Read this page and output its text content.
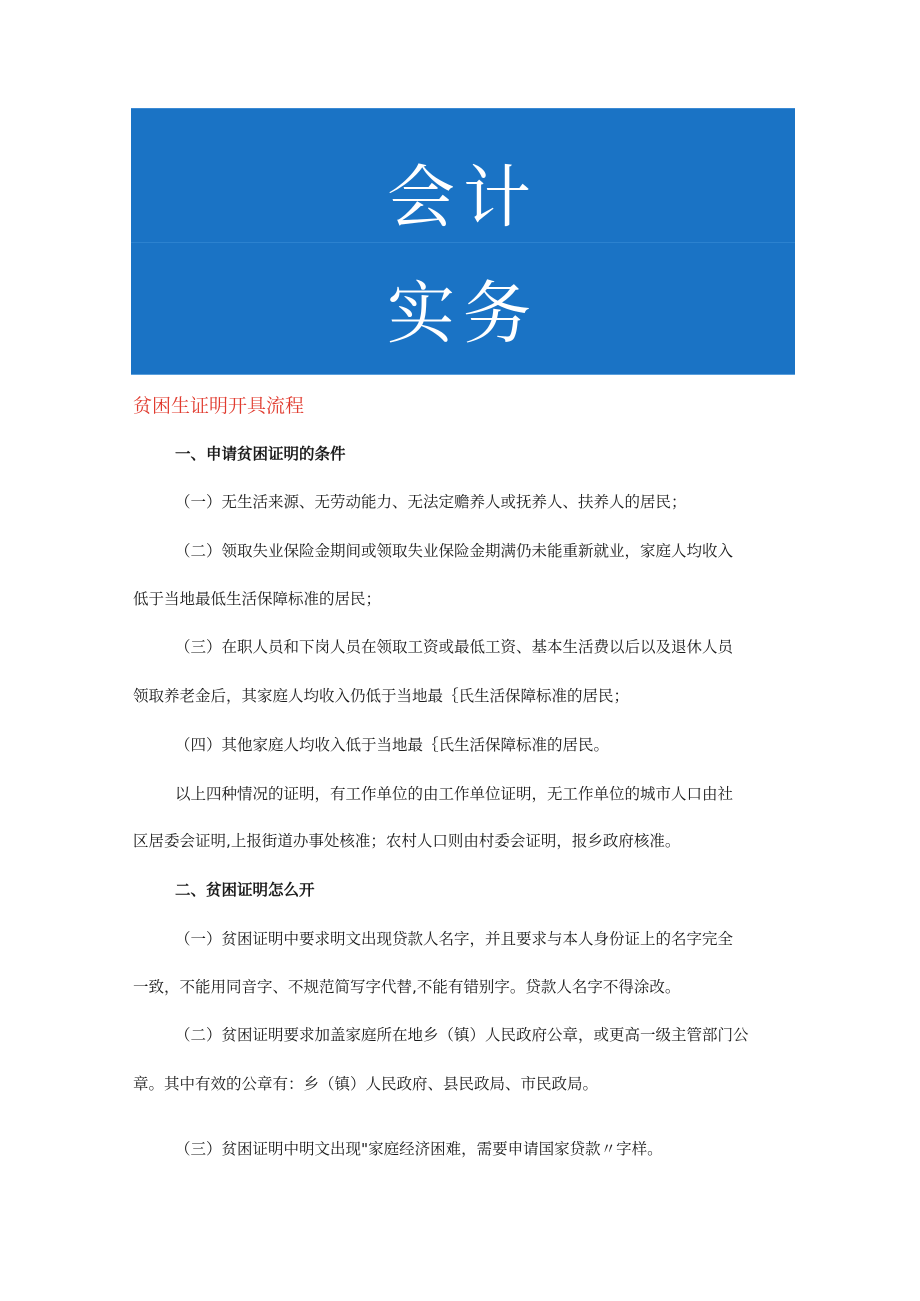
会计
实务
贫困生证明开具流程
一、申请贫困证明的条件
（一）无生活来源、无劳动能力、无法定赡养人或抚养人、扶养人的居民；
（二）领取失业保险金期间或领取失业保险金期满仍未能重新就业，家庭人均收入
低于当地最低生活保障标准的居民；
（三）在职人员和下岗人员在领取工资或最低工资、基本生活费以后以及退休人员
领取养老金后，其家庭人均收入仍低于当地最｛氏生活保障标准的居民；
（四）其他家庭人均收入低于当地最｛氏生活保障标准的居民。
以上四种情况的证明，有工作单位的由工作单位证明，无工作单位的城市人口由社
区居委会证明,上报街道办事处核准；农村人口则由村委会证明，报乡政府核准。
二、贫困证明怎么开
（一）贫困证明中要求明文出现贷款人名字，并且要求与本人身份证上的名字完全
一致，不能用同音字、不规范简写字代替,不能有错别字。贷款人名字不得涂改。
（二）贫困证明要求加盖家庭所在地乡（镇）人民政府公章，或更高一级主管部门公
章。其中有效的公章有：乡（镇）人民政府、县民政局、市民政局。
（三）贫困证明中明文出现"家庭经济困难，需要申请国家贷款〃字样。
